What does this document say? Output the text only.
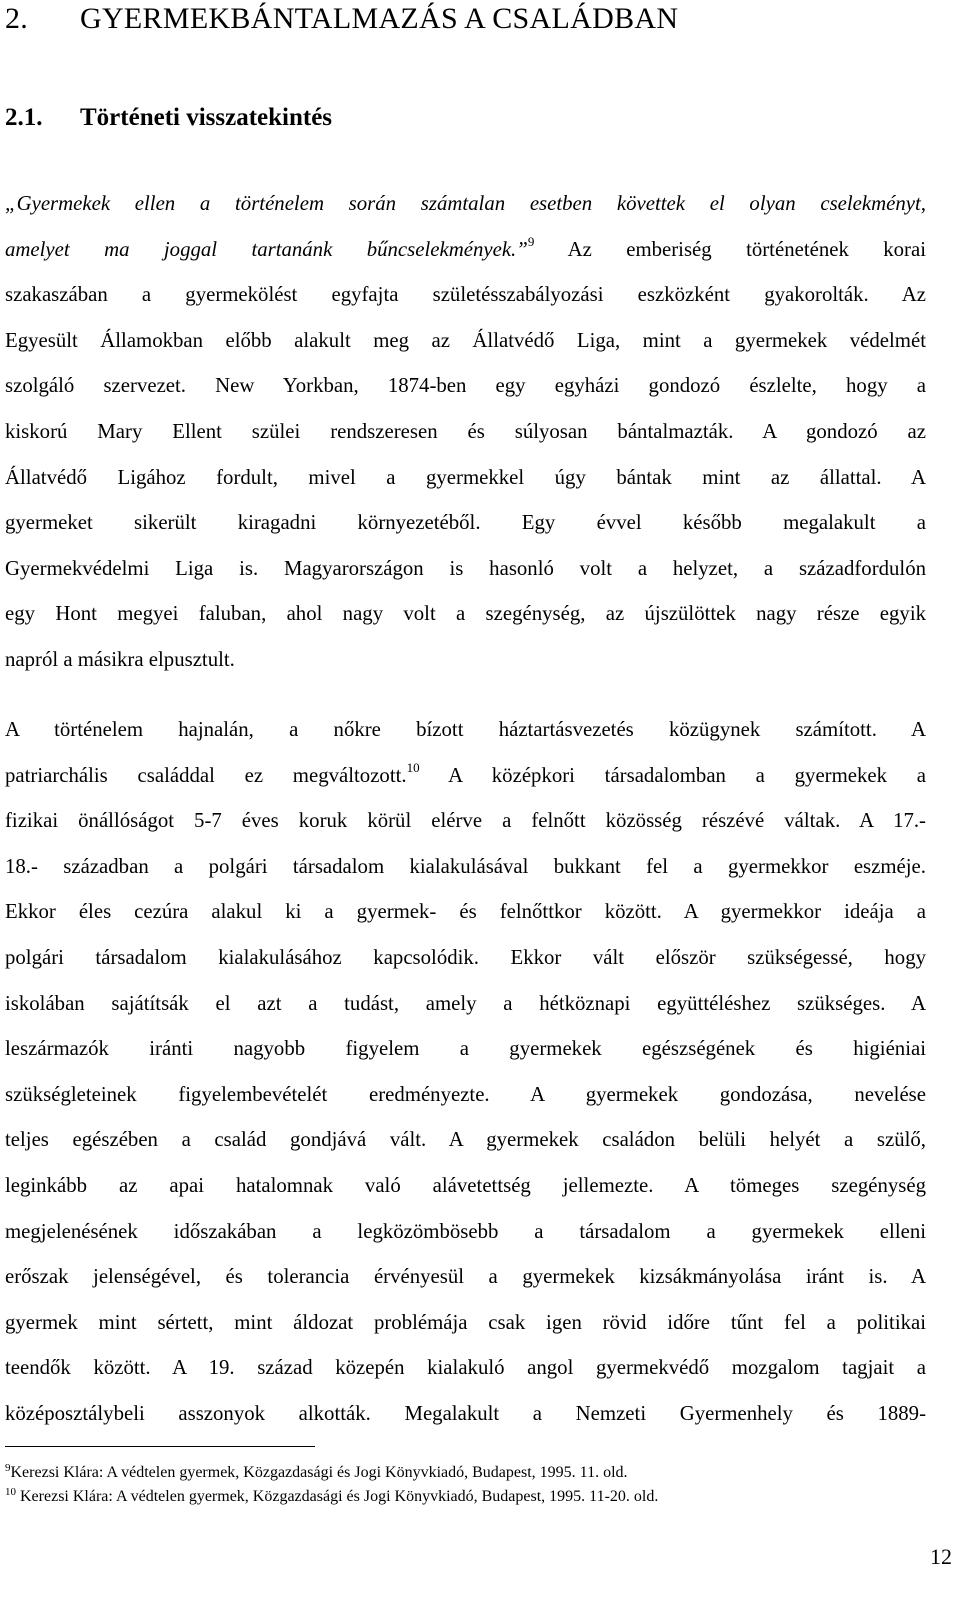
2. GYERMEKBÁNTALMAZÁS A CSALÁDBAN
2.1. Történeti visszatekintés
„Gyermekek ellen a történelem során számtalan esetben követtek el olyan cselekményt,
amelyet ma joggal tartanánk bűncselekmények.”$^9$ Az emberiség történetének korai
szakaszában a gyermekölést egyfajta születésszabályozási eszközként gyakorolták. Az
Egyesült Államokban előbb alakult meg az Állatvédő Liga, mint a gyermekek védelmét
szolgáló szervezet. New Yorkban, 1874-ben egy egyházi gondozó észlelte, hogy a
kiskorú Mary Ellent szülei rendszeresen és súlyosan bántalmazták. A gondozó az
Állatvédő Ligához fordult, mivel a gyermekkel úgy bántak mint az állattal. A
gyermeket sikerült kiragadni környezetéből. Egy évvel később megalakult a
Gyermekvédelmi Liga is. Magyarországon is hasonló volt a helyzet, a századfordulón
egy Hont megyei faluban, ahol nagy volt a szegénység, az újszülöttek nagy része egyik
napról a másikra elpusztult.
A történelem hajnalán, a nőkre bízott háztartásvezetés közügynek számított. A
patriarchális családdal ez megváltozott.$^{10}$ A középkori társadalomban a gyermekek a
fizikai önállóságot 5-7 éves koruk körül elérve a felnőtt közösség részévé váltak. A 17.-
18.- században a polgári társadalom kialakulásával bukkant fel a gyermekkor eszméje.
Ekkor éles cezúra alakul ki a gyermek- és felnőttkor között. A gyermekkor ideája a
polgári társadalom kialakulásához kapcsolódik. Ekkor vált először szükségessé, hogy
iskolában sajátítsák el azt a tudást, amely a hétköznapi együttéléshez szükséges. A
leszármazók iránti nagyobb figyelem a gyermekek egészségének és higiéniai
szükségleteinek figyelembevételét eredményezte. A gyermekek gondozása, nevelése
teljes egészében a család gondjává vált. A gyermekek családon belüli helyét a szülő,
leginkább az apai hatalomnak való alávetettség jellemezte. A tömeges szegénység
megjelenésének időszakában a legközömbösebb a társadalom a gyermekek elleni
erőszak jelenségével, és tolerancia érvényesül a gyermekek kizsákmányolása iránt is. A
gyermek mint sértett, mint áldozat problémája csak igen rövid időre tűnt fel a politikai
teendők között. A 19. század közepén kialakuló angol gyermekvédő mozgalom tagjait a
középosztálybeli asszonyok alkották. Megalakult a Nemzeti Gyermenhely és 1889-
$^9$Kerezsi Klára: A védtelen gyermek, Közgazdasági és Jogi Könyvkiadó, Budapest, 1995. 11. old.
$^{10}$ Kerezsi Klára: A védtelen gyermek, Közgazdasági és Jogi Könyvkiadó, Budapest, 1995. 11-20. old.
12
